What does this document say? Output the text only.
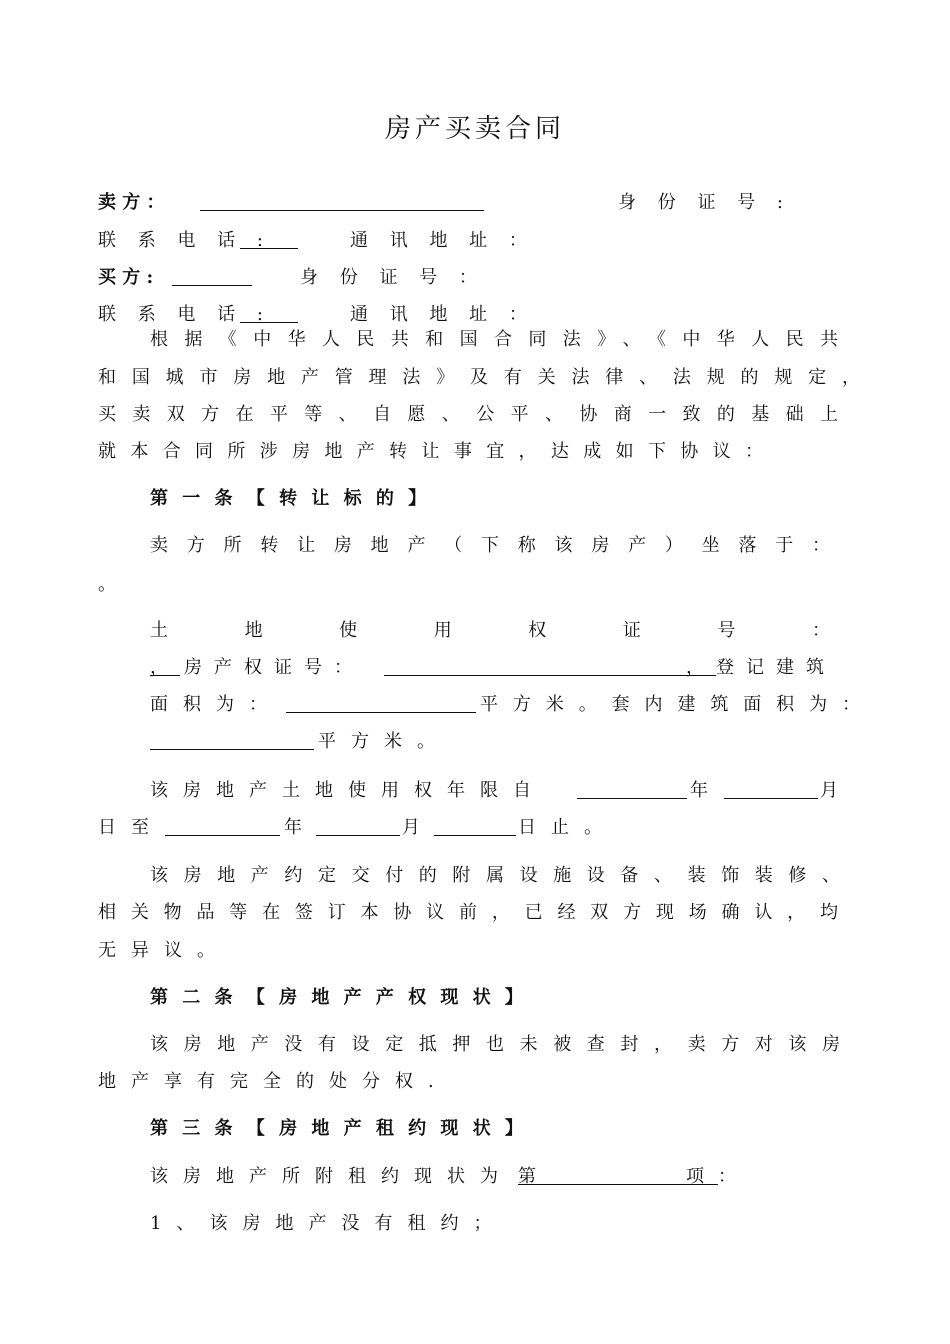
房产买卖合同
卖 方 ：	身 份 证 号 :
联 系 电 话 :	通 讯 地 址 ：
买 方 :	身 份 证 号 ：
联 系 电 话 :	通 讯 地 址 ：
根据《中华人民共和国合同法》、《中华人民共
和国城市房地产管理法》及有关法律、法规的规定，
买卖双方在平等、自愿、公平、协商一致的基础上
就本合同所涉房地产转让事宜，达成如下协议：
第 一 条 【 转 让 标 的 】
卖方所转让房地产（下称该房产）坐落于：
。
土地使用权证号：
， 房产权证号：	，登记建筑
面积为：	平方米。套内建筑面积为：
平方米。
该房地产土地使用权年限自	年	月
日至	年	月	日止。
该房地产约定交付的附属设施设备、装饰装修、
相关物品等在签订本协议前，已经双方现场确认，均
无异议。
第 二 条 【 房 地 产 产 权 现 状 】
该房地产没有设定抵押也未被查封，卖方对该房
地产享有完全的处分权.
第 三 条 【 房 地 产 租 约 现 状 】
该房地产所附租约现状为 第	项 ：
1、该房地产没有租约；
